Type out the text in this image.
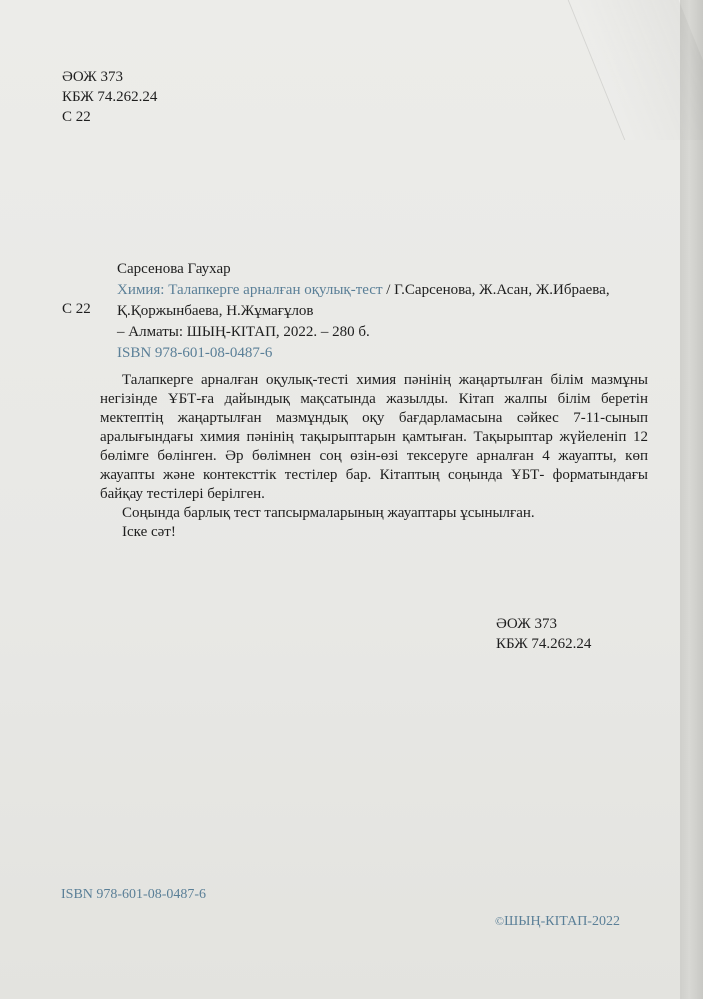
ӘОЖ 373
КБЖ 74.262.24
С 22
С 22
Сарсенова Гаухар
Химия: Талапкерге арналған оқулық-тест / Г.Сарсенова, Ж.Асан, Ж.Ибраева,
Қ.Қоржынбаева, Н.Жұмағұлов
– Алматы: ШЫҢ-КІТАП, 2022. – 280 б.
ISBN 978-601-08-0487-6

Талапкерге арналған оқулық-тесті химия пәнінің жаңартылған білім мазмұны негізінде ҰБТ-ға дайындық мақсатында жазылды. Кітап жалпы білім беретін мектептің жаңартылған мазмұндық оқу бағдарламасына сәйкес 7-11-сынып аралығындағы химия пәнінің тақырыптарын қамтыған. Тақырыптар жүйеленіп 12 бөлімге бөлінген. Әр бөлімнен соң өзін-өзі тексеруге арналған 4 жауапты, көп жауапты және контексттік тестілер бар. Кітаптың соңында ҰБТ- форматындағы байқау тестілері берілген.

Соңында барлық тест тапсырмаларының жауаптары ұсынылған.

Іске сәт!

ӘОЖ 373
КБЖ 74.262.24
ISBN 978-601-08-0487-6
©ШЫҢ-КІТАП-2022
